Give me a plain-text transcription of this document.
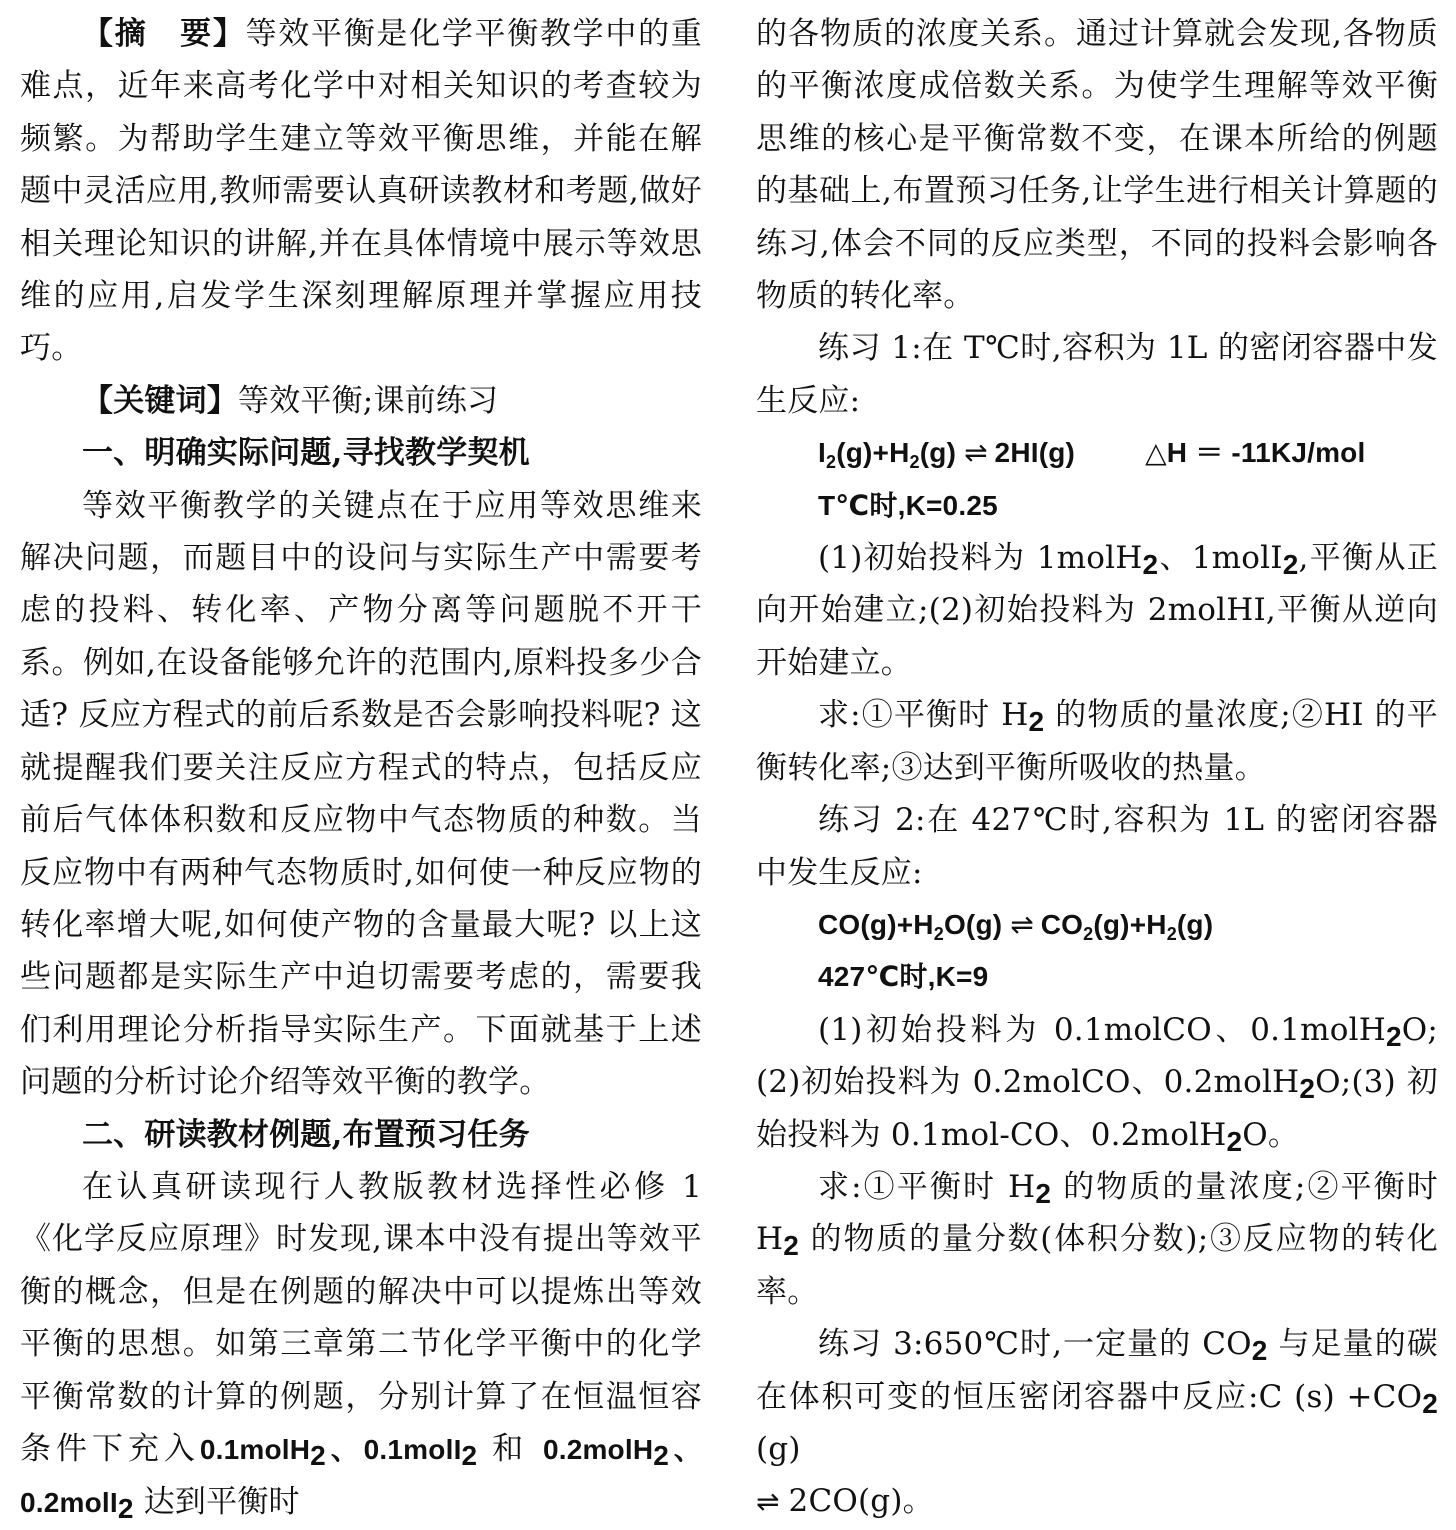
【摘　要】等效平衡是化学平衡教学中的重难点，近年来高考化学中对相关知识的考查较为频繁。为帮助学生建立等效平衡思维，并能在解题中灵活应用,教师需要认真研读教材和考题,做好相关理论知识的讲解,并在具体情境中展示等效思维的应用,启发学生深刻理解原理并掌握应用技巧。

【关键词】等效平衡;课前练习

一、明确实际问题,寻找教学契机

等效平衡教学的关键点在于应用等效思维来解决问题，而题目中的设问与实际生产中需要考虑的投料、转化率、产物分离等问题脱不开干系。例如,在设备能够允许的范围内,原料投多少合适? 反应方程式的前后系数是否会影响投料呢? 这就提醒我们要关注反应方程式的特点，包括反应前后气体体积数和反应物中气态物质的种数。当反应物中有两种气态物质时,如何使一种反应物的转化率增大呢,如何使产物的含量最大呢? 以上这些问题都是实际生产中迫切需要考虑的，需要我们利用理论分析指导实际生产。下面就基于上述问题的分析讨论介绍等效平衡的教学。

二、研读教材例题,布置预习任务

在认真研读现行人教版教材选择性必修 1《化学反应原理》时发现,课本中没有提出等效平衡的概念，但是在例题的解决中可以提炼出等效平衡的思想。如第三章第二节化学平衡中的化学平衡常数的计算的例题，分别计算了在恒温恒容条件下充入0.1molH2、0.1molI2 和 0.2molH2、0.2molI2 达到平衡时

的各物质的浓度关系。通过计算就会发现,各物质的平衡浓度成倍数关系。为使学生理解等效平衡思维的核心是平衡常数不变，在课本所给的例题的基础上,布置预习任务,让学生进行相关计算题的练习,体会不同的反应类型，不同的投料会影响各物质的转化率。

练习 1:在 T℃时,容积为 1L 的密闭容器中发生反应:

$I_2(g)+H_2(g)$ ⇌ 2HI(g)	△H ＝ -11KJ/mol

T℃时,K=0.25

(1)初始投料为 1molH2、1molI2,平衡从正向开始建立;(2)初始投料为 2molHI,平衡从逆向开始建立。

求:①平衡时 H2 的物质的量浓度;②HI 的平衡转化率;③达到平衡所吸收的热量。

练习 2:在 427℃时,容积为 1L 的密闭容器中发生反应:

$CO(g)+H_2O(g)$ ⇌ $CO_2(g)+H_2(g)$

427℃时,K=9

(1)初始投料为 0.1molCO、0.1molH2O;(2)初始投料为 0.2molCO、0.2molH2O;(3) 初始投料为 0.1mol-CO、0.2molH2O。

求:①平衡时 H2 的物质的量浓度;②平衡时 H2 的物质的量分数(体积分数);③反应物的转化率。

练习 3:650℃时,一定量的 CO2 与足量的碳在体积可变的恒压密闭容器中反应:C (s) +CO2 (g)
⇌ 2CO(g)。
